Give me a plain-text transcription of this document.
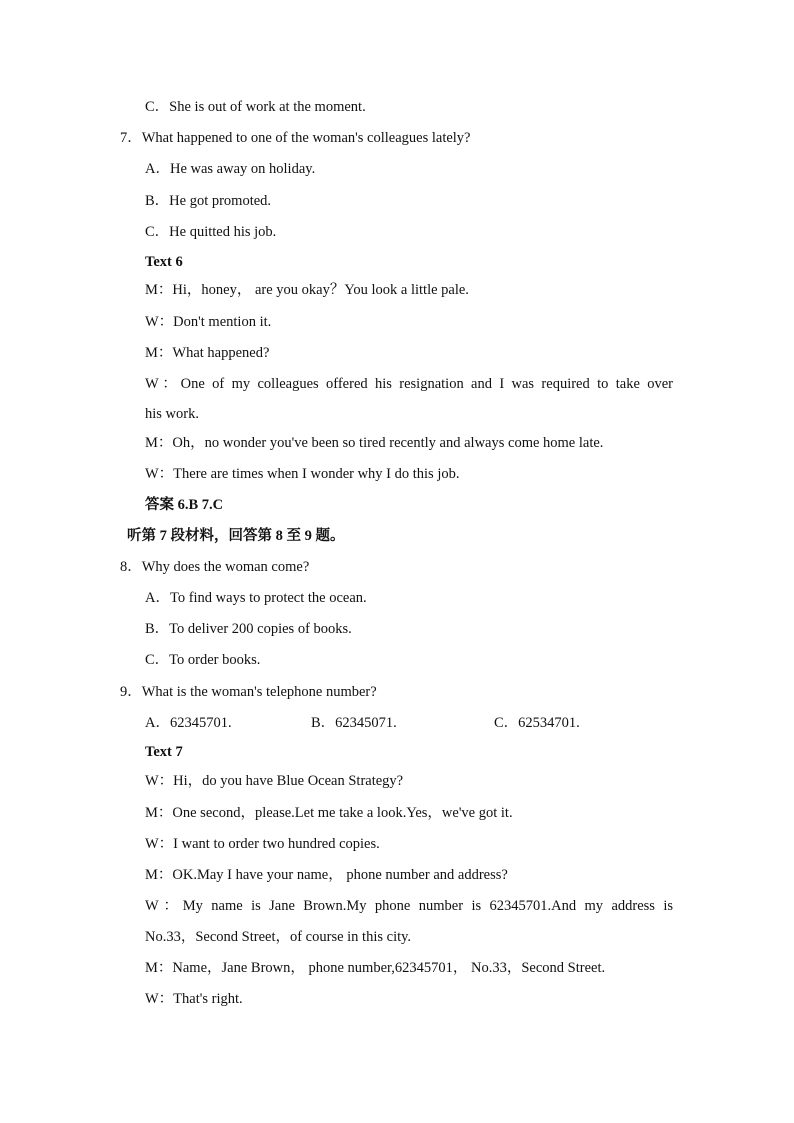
C．She is out of work at the moment.
7．What happened to one of the woman's colleagues lately?
A．He was away on holiday.
B．He got promoted.
C．He quitted his job.
Text 6
M：Hi，honey， are you okay？You look a little pale.
W：Don't mention it.
M：What happened?
W：One of my colleagues offered his resignation and I was required to take over
his work.
M：Oh，no wonder you've been so tired recently and always come home late.
W：There are times when I wonder why I do this job.
答案 6.B 7.C
听第 7 段材料，回答第 8 至 9 题。
8．Why does the woman come?
A．To find ways to protect the ocean.
B．To deliver 200 copies of books.
C．To order books.
9．What is the woman's telephone number?
A．62345701.	B．62345071.	C．62534701.
Text 7
W：Hi，do you have Blue Ocean Strategy?
M：One second，please.Let me take a look.Yes，we've got it.
W：I want to order two hundred copies.
M：OK.May I have your name， phone number and address?
W：My name is Jane Brown.My phone number is 62345701.And my address is
No.33，Second Street，of course in this city.
M：Name，Jane Brown， phone number,62345701， No.33，Second Street.
W：That's right.
